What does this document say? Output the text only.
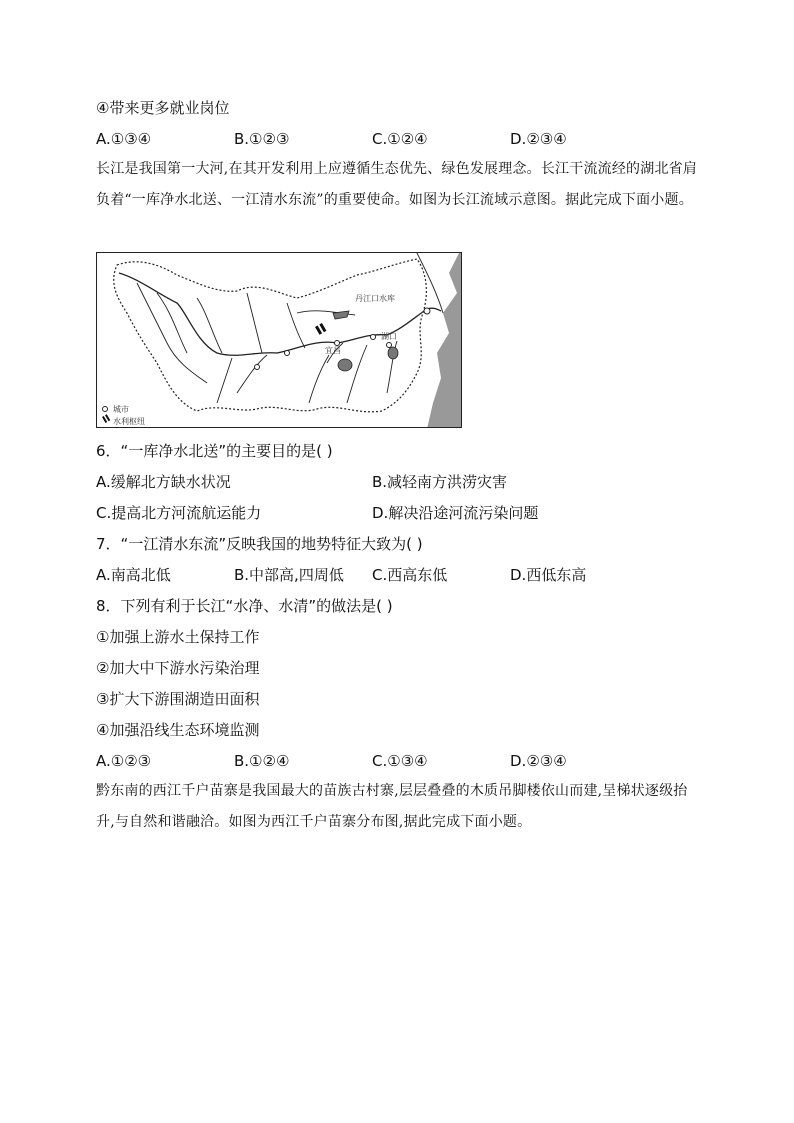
④带来更多就业岗位
A.①③④	B.①②③	C.①②④	D.②③④
长江是我国第一大河,在其开发利用上应遵循生态优先、绿色发展理念。长江干流流经的湖北省肩负着“一库净水北送、一江清水东流”的重要使命。如图为长江流域示意图。据此完成下面小题。
丹江口水库
宜昌
湖口
城市
水利枢纽
6．“一库净水北送”的主要目的是( )
A.缓解北方缺水状况	B.减轻南方洪涝灾害
C.提高北方河流航运能力	D.解决沿途河流污染问题
7．“一江清水东流”反映我国的地势特征大致为( )
A.南高北低	B.中部高,四周低 C.西高东低	D.西低东高
8．下列有利于长江“水净、水清”的做法是( )
①加强上游水土保持工作
②加大中下游水污染治理
③扩大下游围湖造田面积
④加强沿线生态环境监测
A.①②③	B.①②④	C.①③④	D.②③④
黔东南的西江千户苗寨是我国最大的苗族古村寨,层层叠叠的木质吊脚楼依山而建,呈梯状逐级抬升,与自然和谐融洽。如图为西江千户苗寨分布图,据此完成下面小题。
